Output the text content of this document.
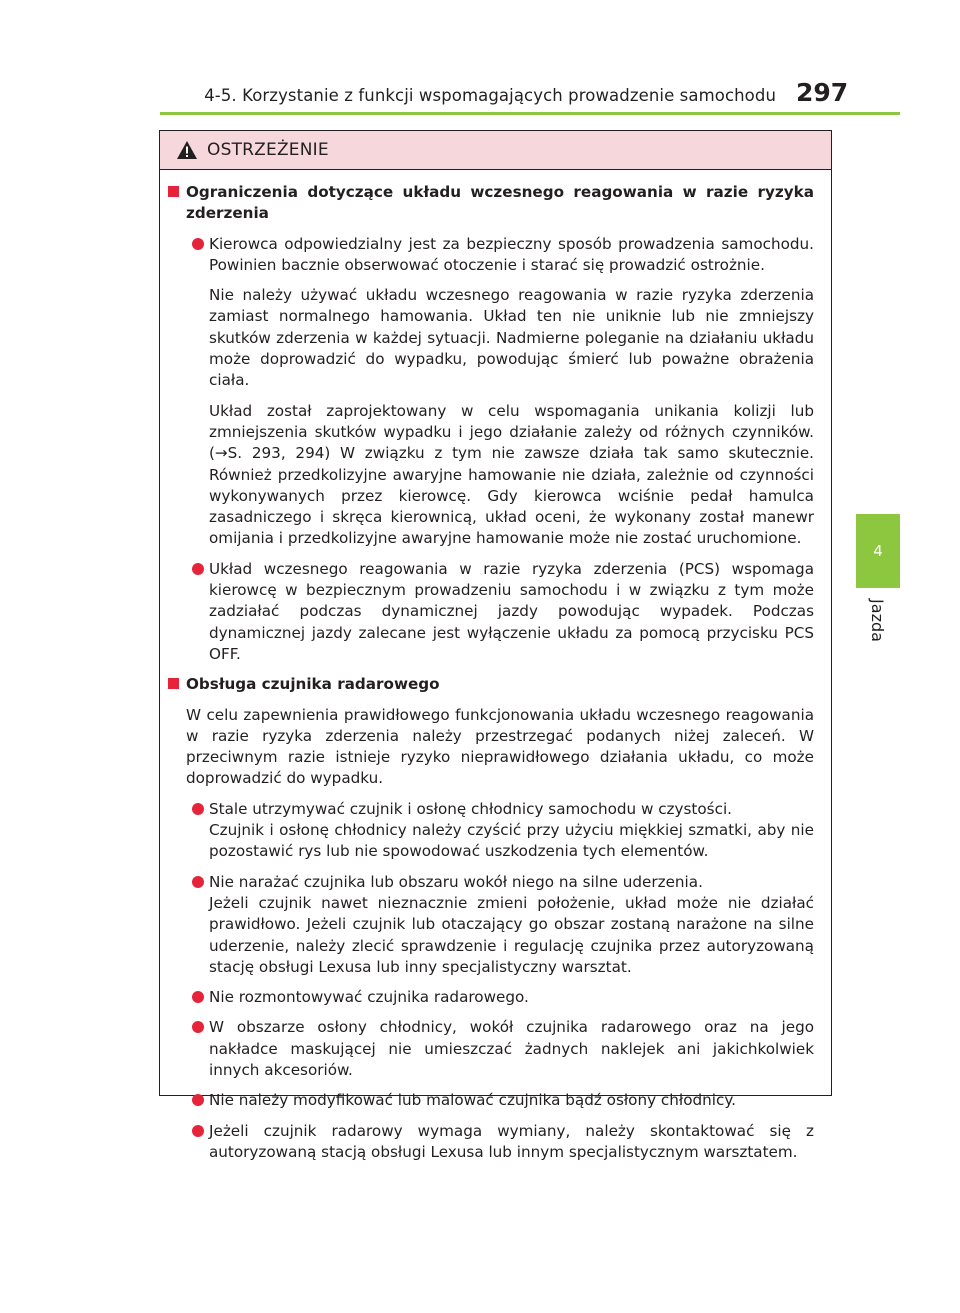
4-5. Korzystanie z funkcji wspomagających prowadzenie samochodu 297
4
Jazda
OSTRZEŻENIE
Ograniczenia dotyczące układu wczesnego reagowania w razie ryzyka zderzenia

Kierowca odpowiedzialny jest za bezpieczny sposób prowadzenia samochodu. Powinien bacznie obserwować otoczenie i starać się prowadzić ostrożnie.

Nie należy używać układu wczesnego reagowania w razie ryzyka zderzenia zamiast normalnego hamowania. Układ ten nie uniknie lub nie zmniejszy skutków zderzenia w każdej sytuacji. Nadmierne poleganie na działaniu układu może doprowadzić do wypadku, powodując śmierć lub poważne obrażenia ciała.

Układ został zaprojektowany w celu wspomagania unikania kolizji lub zmniejszenia skutków wypadku i jego działanie zależy od różnych czynników. (→S. 293, 294) W związku z tym nie zawsze działa tak samo skutecznie. Również przedkolizyjne awaryjne hamowanie nie działa, zależnie od czynności wykonywanych przez kierowcę. Gdy kierowca wciśnie pedał hamulca zasadniczego i skręca kierownicą, układ oceni, że wykonany został manewr omijania i przedkolizyjne awaryjne hamowanie może nie zostać uruchomione.

Układ wczesnego reagowania w razie ryzyka zderzenia (PCS) wspomaga kierowcę w bezpiecznym prowadzeniu samochodu i w związku z tym może zadziałać podczas dynamicznej jazdy powodując wypadek. Podczas dynamicznej jazdy zalecane jest wyłączenie układu za pomocą przycisku PCS OFF.

Obsługa czujnika radarowego

W celu zapewnienia prawidłowego funkcjonowania układu wczesnego reagowania w razie ryzyka zderzenia należy przestrzegać podanych niżej zaleceń. W przeciwnym razie istnieje ryzyko nieprawidłowego działania układu, co może doprowadzić do wypadku.

Stale utrzymywać czujnik i osłonę chłodnicy samochodu w czystości.

Czujnik i osłonę chłodnicy należy czyścić przy użyciu miękkiej szmatki, aby nie pozostawić rys lub nie spowodować uszkodzenia tych elementów.

Nie narażać czujnika lub obszaru wokół niego na silne uderzenia.

Jeżeli czujnik nawet nieznacznie zmieni położenie, układ może nie działać prawidłowo. Jeżeli czujnik lub otaczający go obszar zostaną narażone na silne uderzenie, należy zlecić sprawdzenie i regulację czujnika przez autoryzowaną stację obsługi Lexusa lub inny specjalistyczny warsztat.

Nie rozmontowywać czujnika radarowego.

W obszarze osłony chłodnicy, wokół czujnika radarowego oraz na jego nakładce maskującej nie umieszczać żadnych naklejek ani jakichkolwiek innych akcesoriów.

Nie należy modyfikować lub malować czujnika bądź osłony chłodnicy.

Jeżeli czujnik radarowy wymaga wymiany, należy skontaktować się z autoryzowaną stacją obsługi Lexusa lub innym specjalistycznym warsztatem.
